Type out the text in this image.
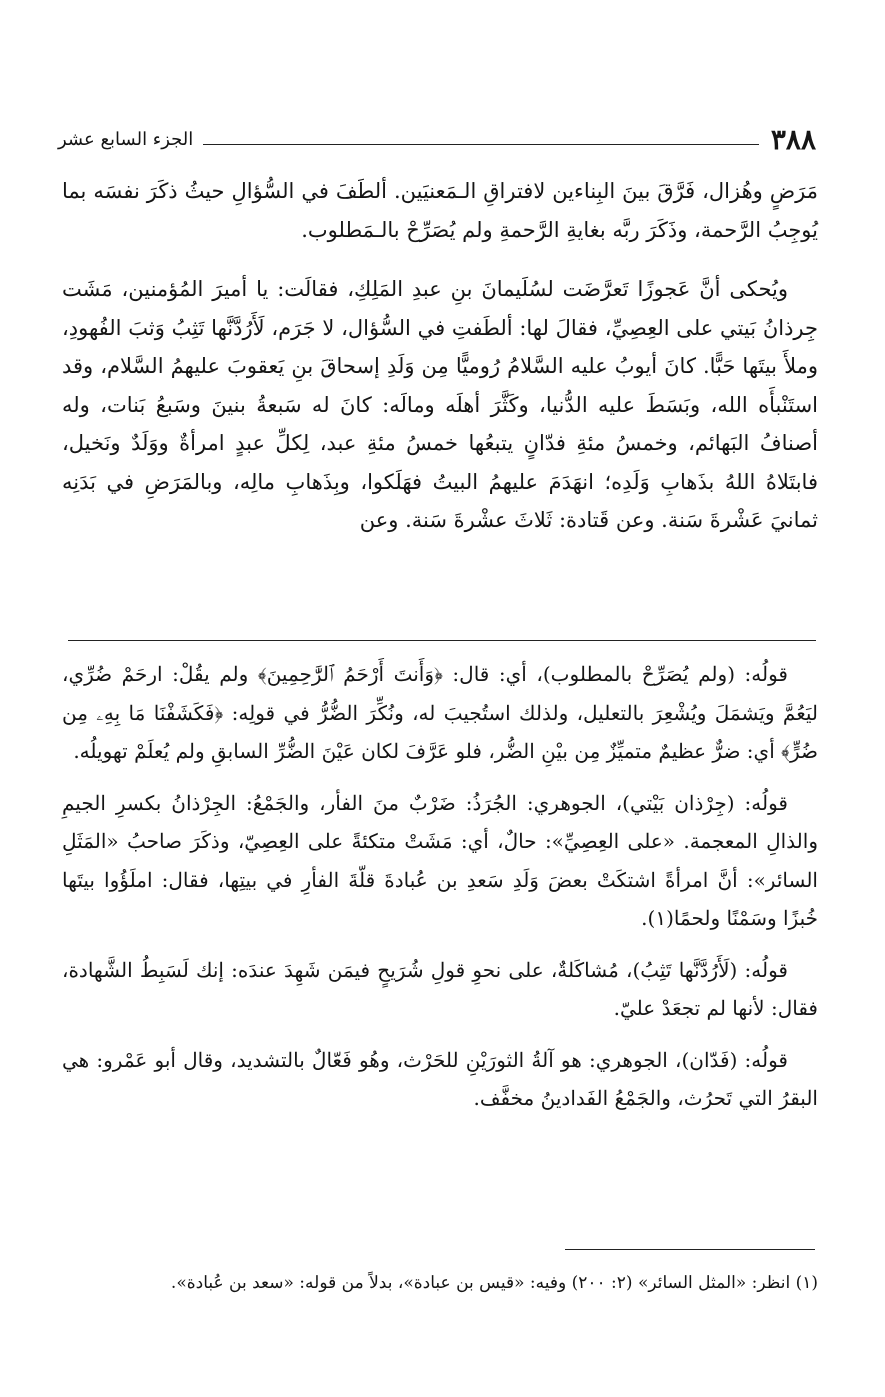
٣٨٨
الجزء السابع عشر

مَرَضٍ وهُزال، فَرَّقَ بينَ البِناءين لافتراقِ الـمَعنيَين. ألطَفَ في السُّؤالِ حيثُ ذكَرَ نفسَه بما يُوجِبُ الرَّحمة، وذَكَرَ ربَّه بغايةِ الرَّحمةِ ولم يُصَرِّحْ بالـمَطلوب.

ويُحكى أنَّ عَجوزًا تَعرَّضَت لسُلَيمانَ بنِ عبدِ المَلِكِ، فقالَت: يا أميرَ المُؤمنين، مَشَت جِرذانُ بَيتي على العِصِيِّ، فقالَ لها: ألطَفتِ في السُّؤال، لا جَرَم، لَأَرُدَّنَّها تَثِبُ وَثبَ الفُهودِ، وملأَ بيتَها حَبًّا. كانَ أيوبُ عليه السَّلامُ رُوميًّا مِن وَلَدِ إسحاقَ بنِ يَعقوبَ عليهمُ السَّلام، وقد استَنْبأَه الله، وبَسَطَ عليه الدُّنيا، وكَثَّرَ أهلَه ومالَه: كانَ له سَبعةُ بنينَ وسَبعُ بَنات، وله أصنافُ البَهائم، وخمسُ مئةِ فدّانٍ يتبعُها خمسُ مئةِ عبد، لِكلِّ عبدٍ امرأةٌ ووَلَدٌ ونَخيل، فابتَلاهُ اللهُ بذَهابِ وَلَدِه؛ انهَدَمَ عليهمُ البيتُ فهَلَكوا، وبِذَهابِ مالِه، وبالمَرَضِ في بَدَنِه ثمانيَ عَشْرةَ سَنة. وعن قَتادة: ثَلاثَ عشْرةَ سَنة. وعن

قولُه: (ولم يُصَرِّحْ بالمطلوب)، أي: قال: ﴿وَأَنتَ أَرْحَمُ ٱلرَّٰحِمِينَ﴾ ولم يقُلْ: ارحَمْ ضُرِّي، ليَعُمَّ ويَشمَلَ ويُشْعِرَ بالتعليل، ولذلك استُجيبَ له، ونُكِّرَ الضُّرُّ في قولِه: ﴿فَكَشَفْنَا مَا بِهِۦ مِن ضُرٍّ﴾ أي: ضرٌّ عظيمٌ متميِّزٌ مِن بيْنِ الضُّر، فلو عَرَّفَ لكان عَيْنَ الضُّرِّ السابقِ ولم يُعلَمْ تهويلُه.

قولُه: (جِرْذان بَيْتي)، الجوهري: الجُرَذُ: ضَرْبٌ منَ الفأر، والجَمْعُ: الجِرْذانُ بكسرِ الجيمِ والذالِ المعجمة. «على العِصِيِّ»: حالٌ، أي: مَشَتْ متكئةً على العِصِيّ، وذكَرَ صاحبُ «المَثَلِ السائر»: أنَّ امرأةً اشتكَتْ بعضَ وَلَدِ سَعدِ بن عُبادةَ قلّةَ الفأرِ في بيتِها، فقال: املَؤُوا بيتَها خُبزًا وسَمْنًا ولحمًا(١).

قولُه: (لَأَرُدَّنَّها تَثِبُ)، مُشاكَلةٌ، على نحوِ قولِ شُرَيحٍ فيمَن شَهِدَ عندَه: إنك لَسَبِطُ الشَّهادة، فقال: لأنها لم تجعَدْ عليّ.

قولُه: (فَدّان)، الجوهري: هو آلةُ الثورَيْنِ للحَرْث، وهُو فَعّالٌ بالتشديد، وقال أبو عَمْرو: هي البقرُ التي تَحرُث، والجَمْعُ الفَدادينُ مخفَّف.

(١) انظر: «المثل السائر» (٢: ٢٠٠) وفيه: «قيس بن عبادة»، بدلاً من قوله: «سعد بن عُبادة».
